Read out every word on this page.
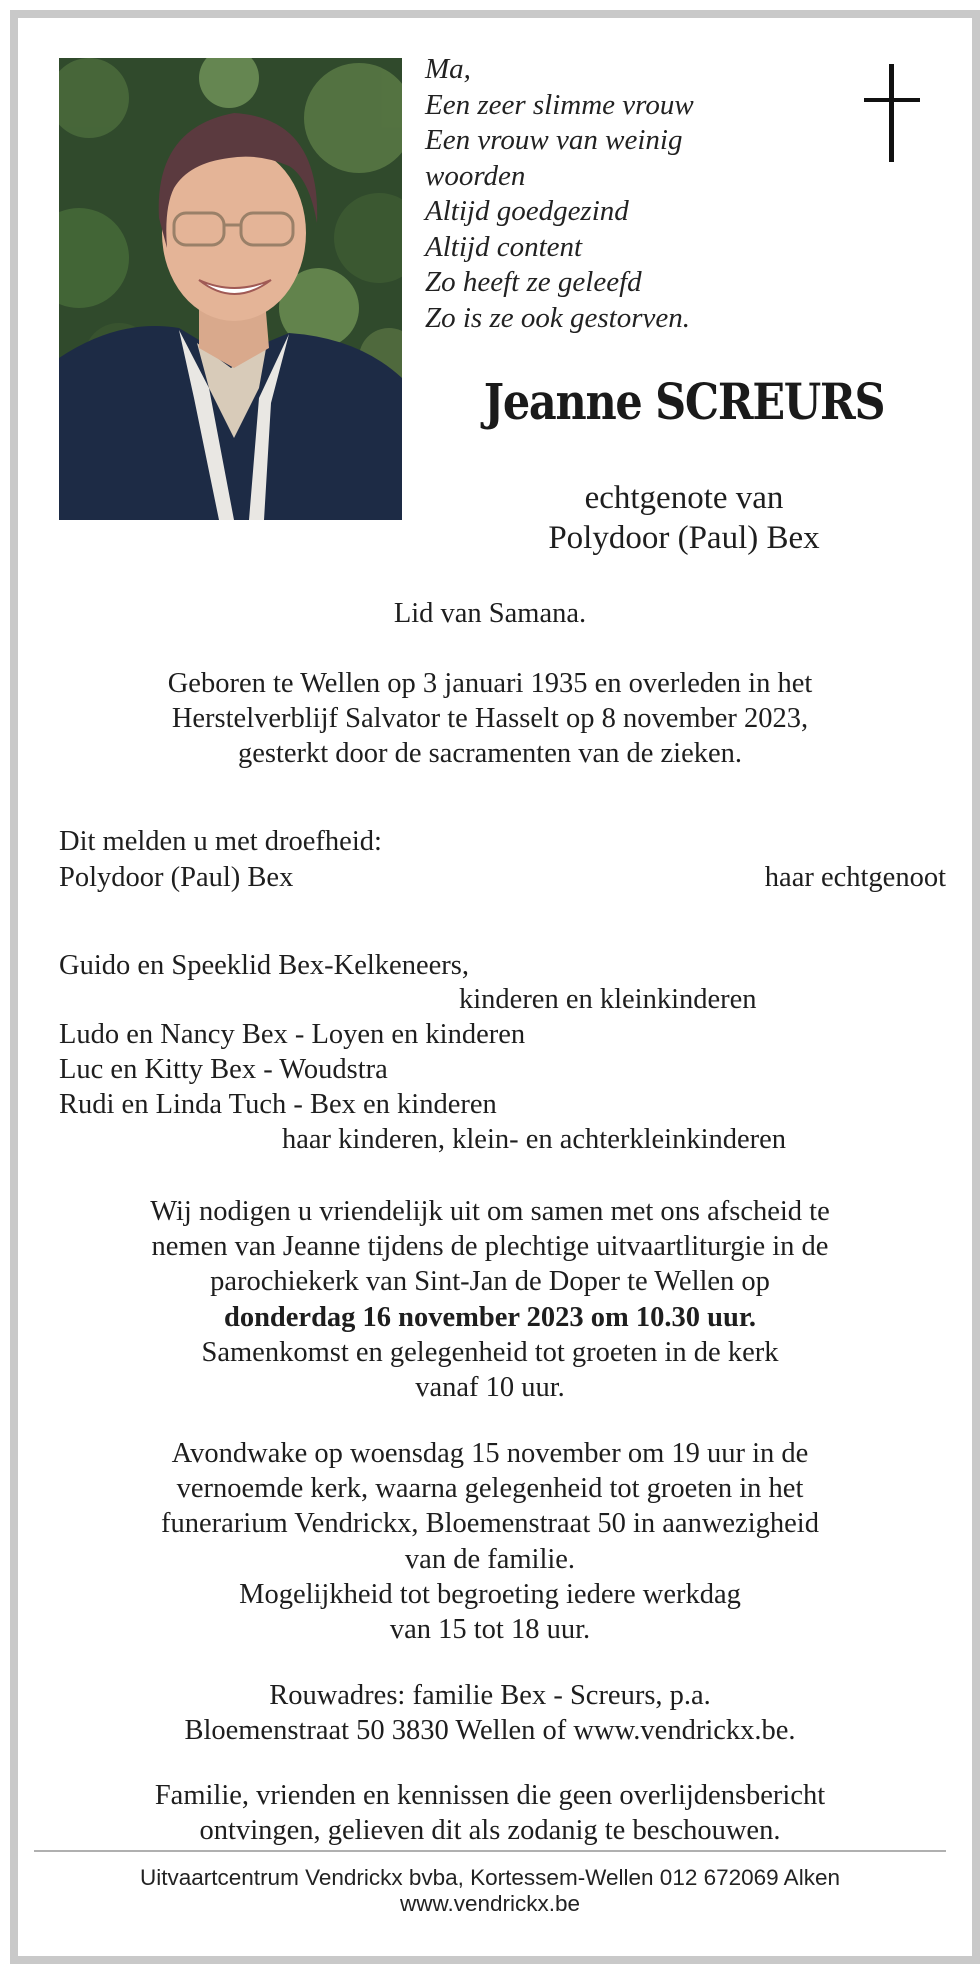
Ma,
Een zeer slimme vrouw
Een vrouw van weinig
woorden
Altijd goedgezind
Altijd content
Zo heeft ze geleefd
Zo is ze ook gestorven.
Jeanne SCREURS
echtgenote van
Polydoor (Paul) Bex
Lid van Samana.
Geboren te Wellen op 3 januari 1935 en overleden in het
Herstelverblijf Salvator te Hasselt op 8 november 2023,
gesterkt door de sacramenten van de zieken.
Dit melden u met droefheid:
Polydoor (Paul) Bex	haar echtgenoot
Guido en Speeklid Bex-Kelkeneers,
kinderen en kleinkinderen
Ludo en Nancy Bex - Loyen en kinderen
Luc en Kitty Bex - Woudstra
Rudi en Linda Tuch - Bex en kinderen
haar kinderen, klein- en achterkleinkinderen
Wij nodigen u vriendelijk uit om samen met ons afscheid te
nemen van Jeanne tijdens de plechtige uitvaartliturgie in de
parochiekerk van Sint-Jan de Doper te Wellen op
donderdag 16 november 2023 om 10.30 uur.
Samenkomst en gelegenheid tot groeten in de kerk
vanaf 10 uur.
Avondwake op woensdag 15 november om 19 uur in de
vernoemde kerk, waarna gelegenheid tot groeten in het
funerarium Vendrickx, Bloemenstraat 50 in aanwezigheid
van de familie.
Mogelijkheid tot begroeting iedere werkdag
van 15 tot 18 uur.
Rouwadres: familie Bex - Screurs, p.a.
Bloemenstraat 50 3830 Wellen of www.vendrickx.be.
Familie, vrienden en kennissen die geen overlijdensbericht
ontvingen, gelieven dit als zodanig te beschouwen.
Uitvaartcentrum Vendrickx bvba, Kortessem-Wellen 012 672069 Alken
www.vendrickx.be
